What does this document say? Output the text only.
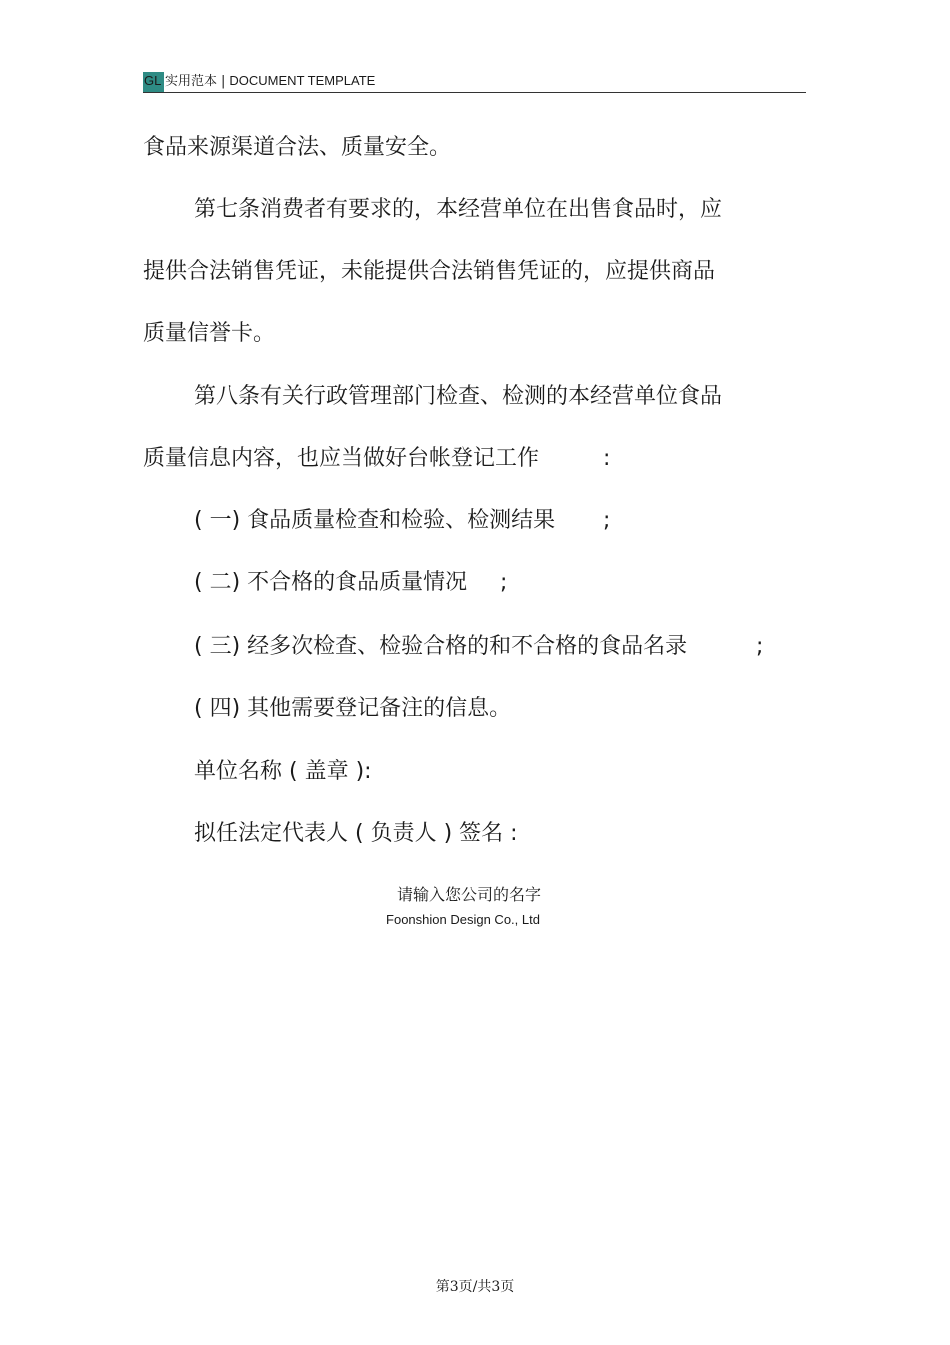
GL 实用范本 | DOCUMENT TEMPLATE
食品来源渠道合法、质量安全。
第七条消费者有要求的，本经营单位在出售食品时，应
提供合法销售凭证，未能提供合法销售凭证的，应提供商品
质量信誉卡。
第八条有关行政管理部门检查、检测的本经营单位食品
质量信息内容，也应当做好台帐登记工作	:
( 一) 食品质量检查和检验、检测结果 ;
( 二) 不合格的食品质量情况 ;
( 三) 经多次检查、检验合格的和不合格的食品名录	;
( 四) 其他需要登记备注的信息。
单位名称 ( 盖章 ):
拟任法定代表人 ( 负责人 ) 签名 :
请输入您公司的名字
Foonshion Design Co., Ltd
第3页/共3页
